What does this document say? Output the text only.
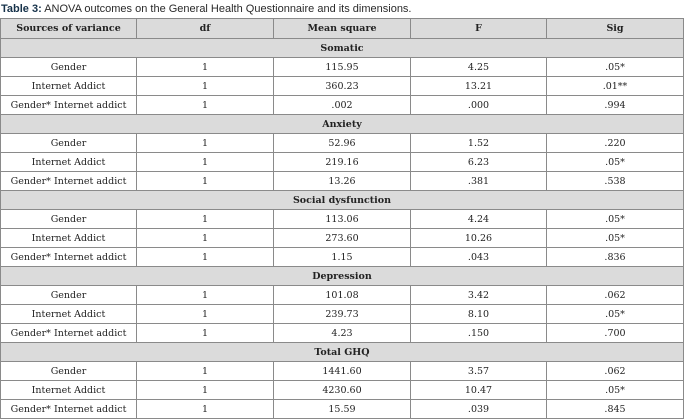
Table 3: ANOVA outcomes on the General Health Questionnaire and its dimensions.
Sources of variance	df	Mean square	F	Sig
Somatic				
Gender	1	115.95	4.25	.05*
Internet Addict	1	360.23	13.21	.01**
Gender* Internet addict	1	.002	.000	.994
Anxiety				
Gender	1	52.96	1.52	.220
Internet Addict	1	219.16	6.23	.05*
Gender* Internet addict	1	13.26	.381	.538
Social dysfunction				
Gender	1	113.06	4.24	.05*
Internet Addict	1	273.60	10.26	.05*
Gender* Internet addict	1	1.15	.043	.836
Depression				
Gender	1	101.08	3.42	.062
Internet Addict	1	239.73	8.10	.05*
Gender* Internet addict	1	4.23	.150	.700
Total GHQ				
Gender	1	1441.60	3.57	.062
Internet Addict	1	4230.60	10.47	.05*
Gender* Internet addict	1	15.59	.039	.845
